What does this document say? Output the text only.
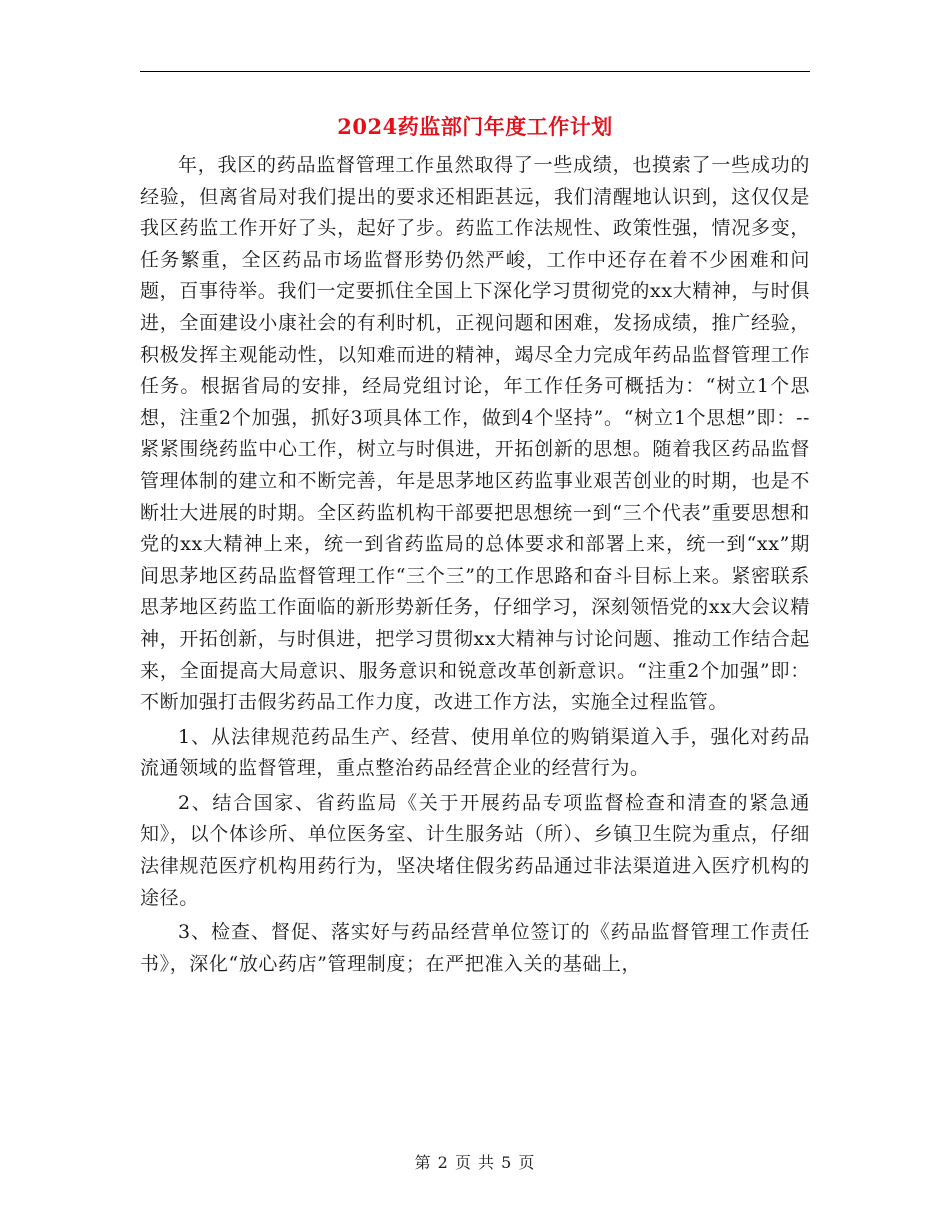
2024药监部门年度工作计划

年，我区的药品监督管理工作虽然取得了一些成绩，也摸索了一些成功的经验，但离省局对我们提出的要求还相距甚远，我们清醒地认识到，这仅仅是我区药监工作开好了头，起好了步。药监工作法规性、政策性强，情况多变，任务繁重，全区药品市场监督形势仍然严峻，工作中还存在着不少困难和问题，百事待举。我们一定要抓住全国上下深化学习贯彻党的xx大精神，与时俱进，全面建设小康社会的有利时机，正视问题和困难，发扬成绩，推广经验，积极发挥主观能动性，以知难而进的精神，竭尽全力完成年药品监督管理工作任务。根据省局的安排，经局党组讨论，年工作任务可概括为：“树立1个思想，注重2个加强，抓好3项具体工作，做到4个坚持”。“树立1个思想”即：--紧紧围绕药监中心工作，树立与时俱进，开拓创新的思想。随着我区药品监督管理体制的建立和不断完善，年是思茅地区药监事业艰苦创业的时期，也是不断壮大进展的时期。全区药监机构干部要把思想统一到“三个代表”重要思想和党的xx大精神上来，统一到省药监局的总体要求和部署上来，统一到“xx”期间思茅地区药品监督管理工作“三个三”的工作思路和奋斗目标上来。紧密联系思茅地区药监工作面临的新形势新任务，仔细学习，深刻领悟党的xx大会议精神，开拓创新，与时俱进，把学习贯彻xx大精神与讨论问题、推动工作结合起来，全面提高大局意识、服务意识和锐意改革创新意识。“注重2个加强”即：不断加强打击假劣药品工作力度，改进工作方法，实施全过程监管。

1、从法律规范药品生产、经营、使用单位的购销渠道入手，强化对药品流通领域的监督管理，重点整治药品经营企业的经营行为。

2、结合国家、省药监局《关于开展药品专项监督检查和清查的紧急通知》，以个体诊所、单位医务室、计生服务站（所）、乡镇卫生院为重点，仔细法律规范医疗机构用药行为，坚决堵住假劣药品通过非法渠道进入医疗机构的途径。

3、检查、督促、落实好与药品经营单位签订的《药品监督管理工作责任书》，深化“放心药店”管理制度；在严把准入关的基础上，

第 2 页 共 5 页
